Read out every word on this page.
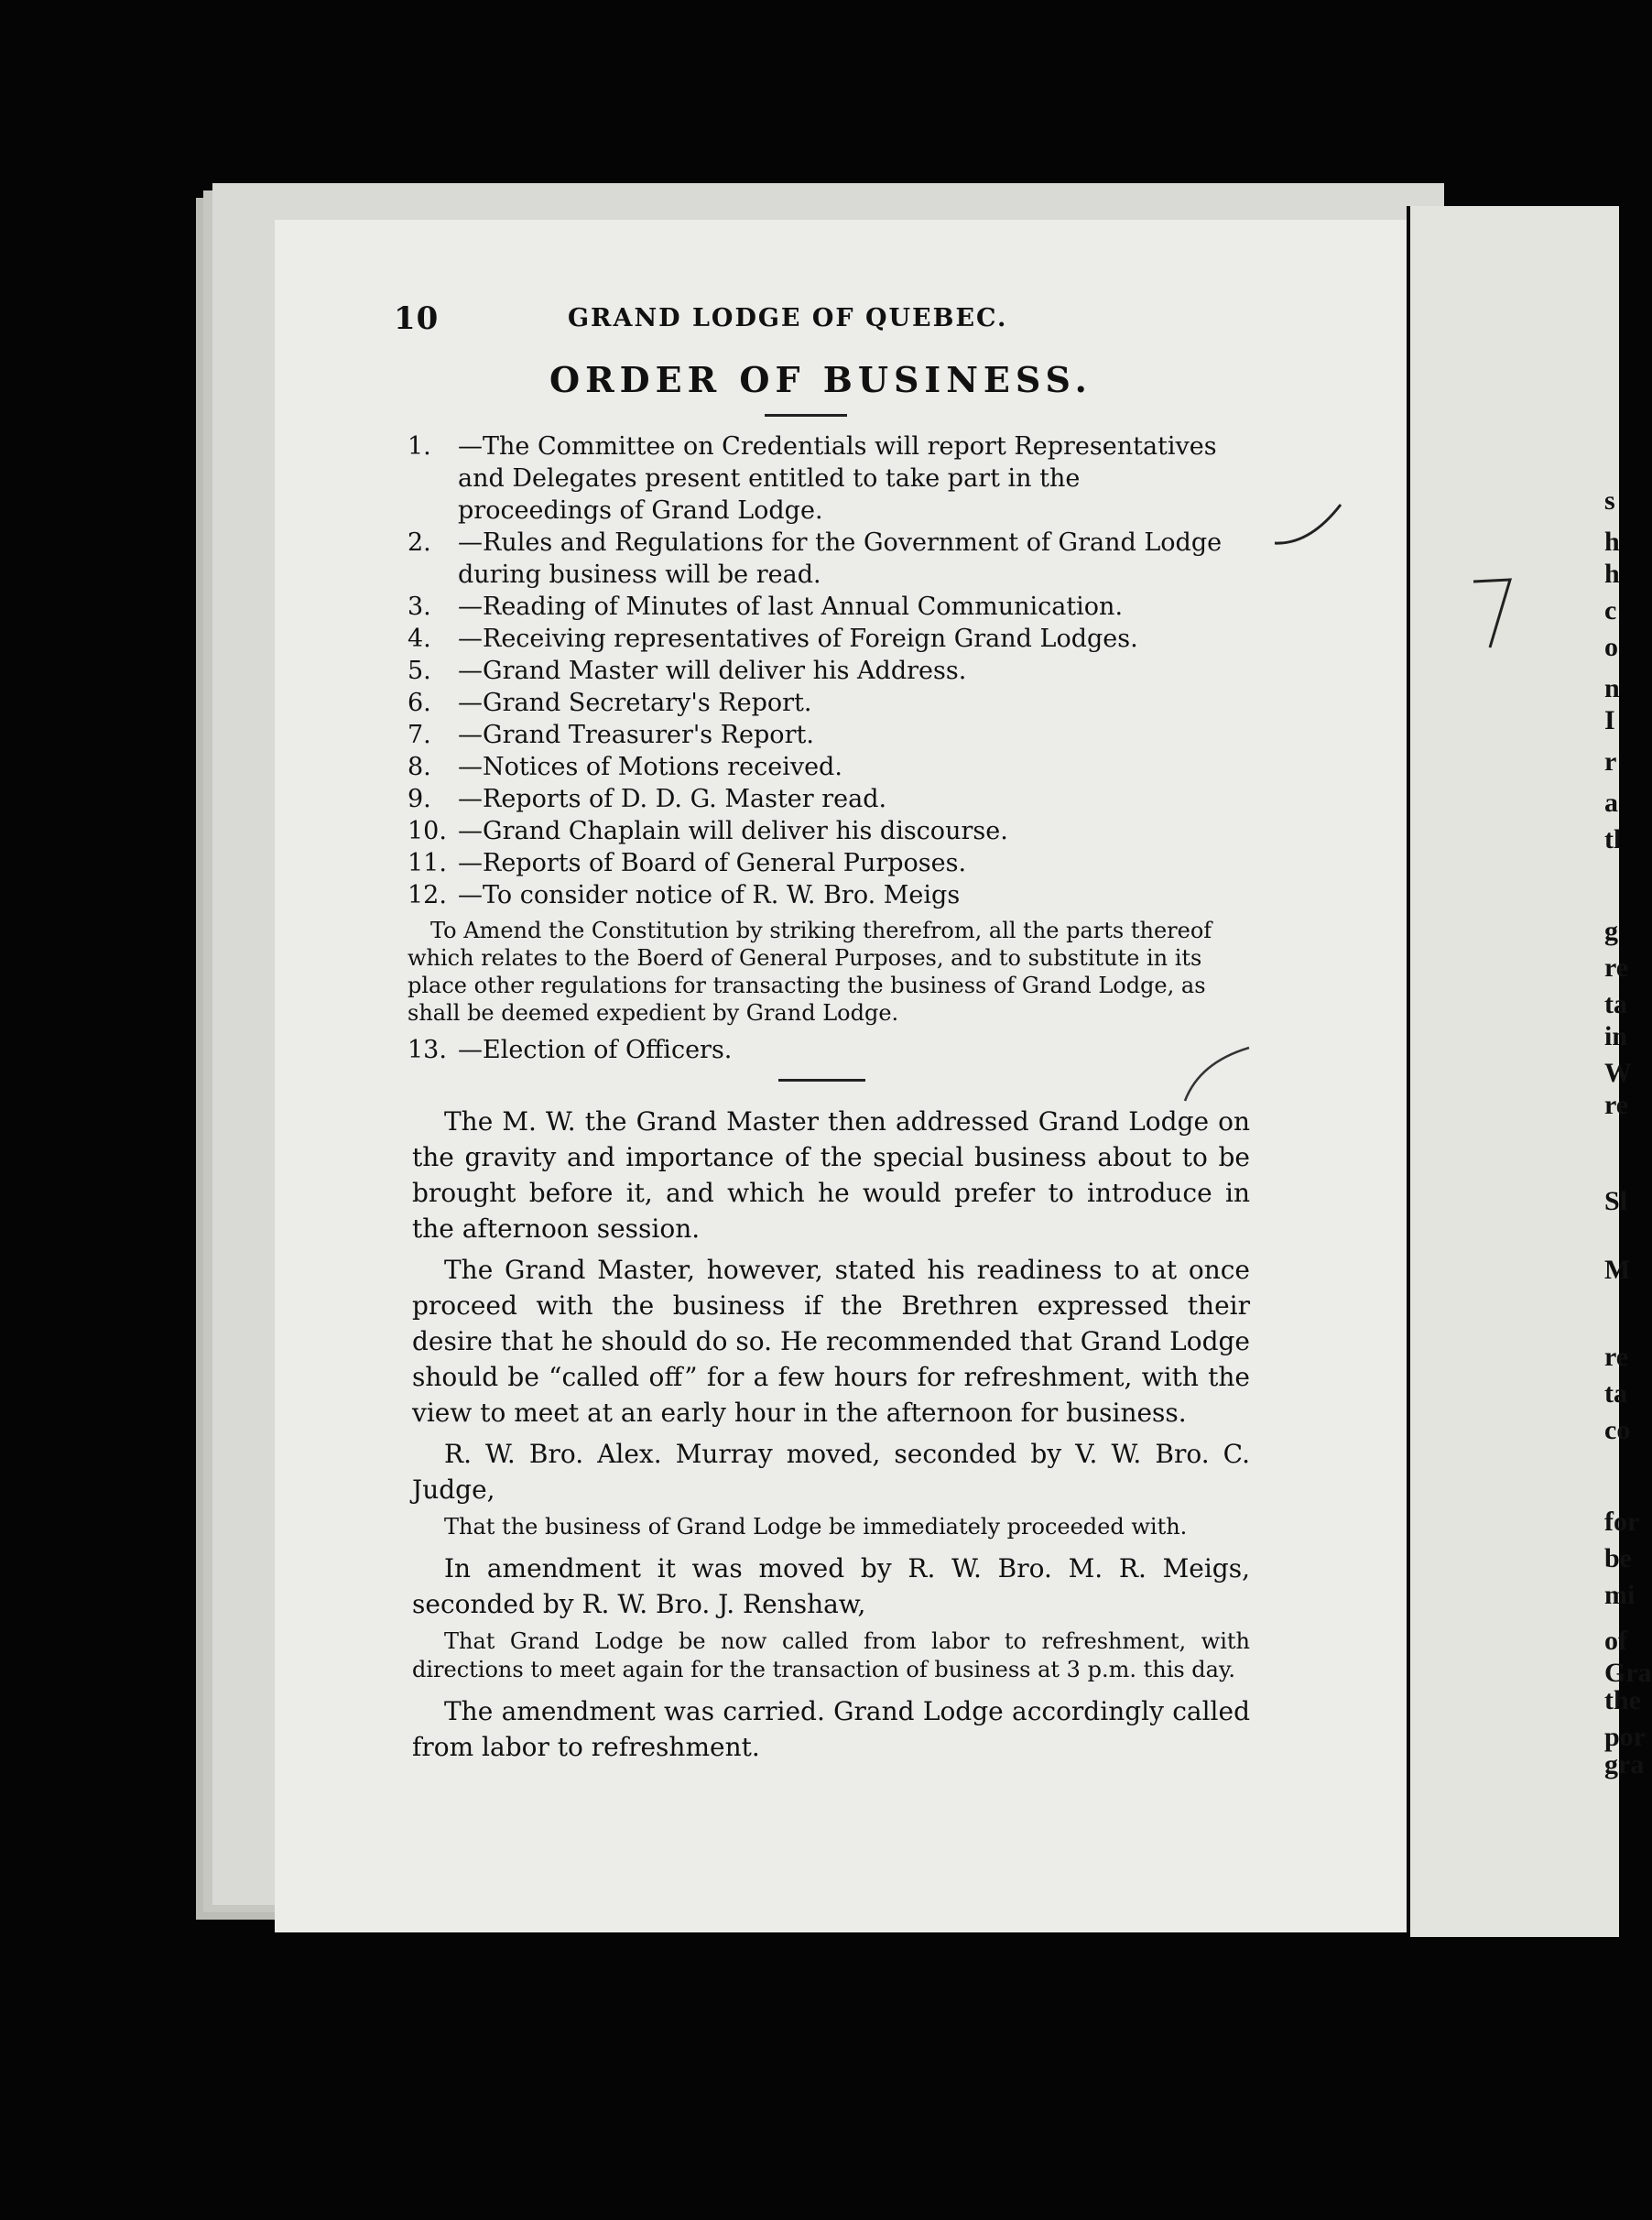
s
h
h
c
o
n
I
r
a
tl
g
re
ta
in
W
re
Sl
M
re
ta
co
for
be
mi
of
Gra
the
por
gra
10	GRAND LODGE OF QUEBEC.
ORDER OF BUSINESS.
1. —The Committee on Credentials will report Representatives and Delegates present entitled to take part in the proceedings of Grand Lodge.
2. —Rules and Regulations for the Government of Grand Lodge during business will be read.
3. —Reading of Minutes of last Annual Communication.
4. —Receiving representatives of Foreign Grand Lodges.
5. —Grand Master will deliver his Address.
6. —Grand Secretary's Report.
7. —Grand Treasurer's Report.
8. —Notices of Motions received.
9. —Reports of D. D. G. Master read.
10. —Grand Chaplain will deliver his discourse.
11. —Reports of Board of General Purposes.
12. —To consider notice of R. W. Bro. Meigs
To Amend the Constitution by striking therefrom, all the parts thereof which relates to the Boerd of General Purposes, and to substitute in its place other regulations for transacting the business of Grand Lodge, as shall be deemed expedient by Grand Lodge.
13. —Election of Officers.

The M. W. the Grand Master then addressed Grand Lodge on the gravity and importance of the special business about to be brought before it, and which he would prefer to introduce in the afternoon session.

The Grand Master, however, stated his readiness to at once proceed with the business if the Brethren expressed their desire that he should do so. He recommended that Grand Lodge should be “called off” for a few hours for refreshment, with the view to meet at an early hour in the afternoon for business.

R. W. Bro. Alex. Murray moved, seconded by V. W. Bro. C. Judge,

That the business of Grand Lodge be immediately proceeded with.

In amendment it was moved by R. W. Bro. M. R. Meigs, seconded by R. W. Bro. J. Renshaw,

That Grand Lodge be now called from labor to refreshment, with directions to meet again for the transaction of business at 3 p.m. this day.

The amendment was carried. Grand Lodge accordingly called from labor to refreshment.
